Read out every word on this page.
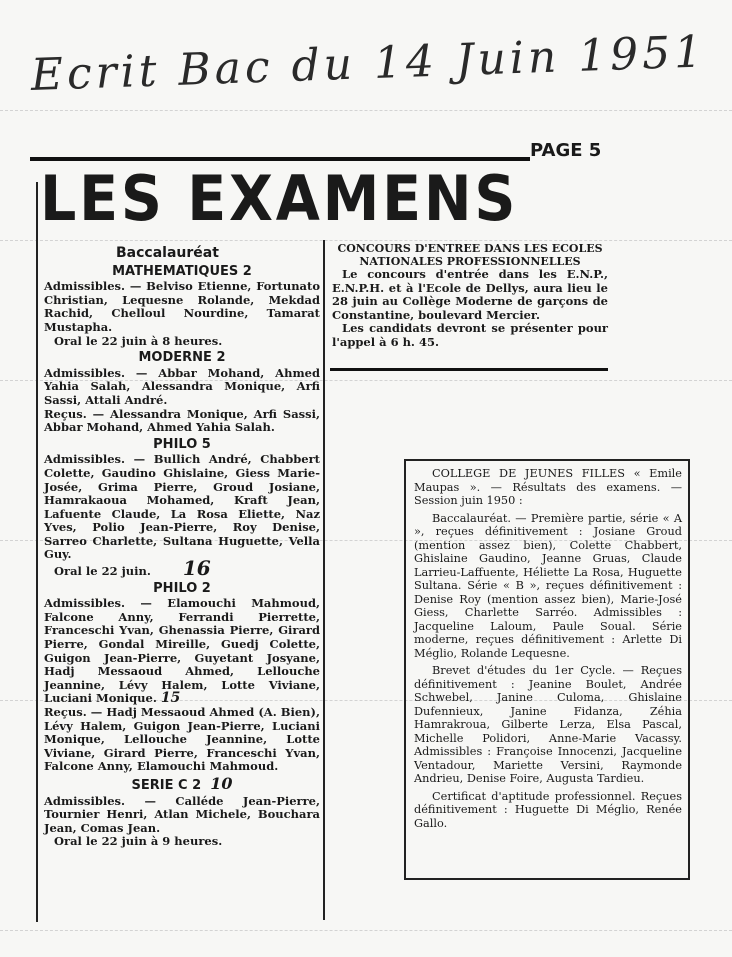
Ecrit Bac du 14 Juin 1951
PAGE 5
LES EXAMENS
Baccalauréat
MATHEMATIQUES 2

Admissibles. — Belviso Etienne, Fortunato Christian, Lequesne Rolande, Mekdad Rachid, Chelloul Nourdine, Tamarat Mustapha.

Oral le 22 juin à 8 heures.

MODERNE 2

Admissibles. — Abbar Mohand, Ahmed Yahia Salah, Alessandra Monique, Arfi Sassi, Attali André.

Reçus. — Alessandra Monique, Arfi Sassi, Abbar Mohand, Ahmed Yahia Salah.

PHILO 5

Admissibles. — Bullich André, Chabbert Colette, Gaudino Ghislaine, Giess Marie-Josée, Grima Pierre, Groud Josiane, Hamrakaoua Mohamed, Kraft Jean, Lafuente Claude, La Rosa Eliette, Naz Yves, Polio Jean-Pierre, Roy Denise, Sarreo Charlette, Sultana Huguette, Vella Guy.

Oral le 22 juin. 16

PHILO 2

Admissibles. — Elamouchi Mahmoud, Falcone Anny, Ferrandi Pierrette, Franceschi Yvan, Ghenassia Pierre, Girard Pierre, Gondal Mireille, Guedj Colette, Guigon Jean-Pierre, Guyetant Josyane, Hadj Messaoud Ahmed, Lellouche Jeannine, Lévy Halem, Lotte Viviane, Luciani Monique. 15

Reçus. — Hadj Messaoud Ahmed (A. Bien), Lévy Halem, Guigon Jean-Pierre, Luciani Monique, Lellouche Jeannine, Lotte Viviane, Girard Pierre, Franceschi Yvan, Falcone Anny, Elamouchi Mahmoud.

SERIE C 2 10

Admissibles. — Calléde Jean-Pierre, Tournier Henri, Atlan Michele, Bouchara Jean, Comas Jean.

Oral le 22 juin à 9 heures.

CONCOURS D'ENTREE DANS LES ECOLES NATIONALES PROFESSIONNELLES

Le concours d'entrée dans les E.N.P., E.N.P.H. et à l'Ecole de Dellys, aura lieu le 28 juin au Collège Moderne de garçons de Constantine, boulevard Mercier.

Les candidats devront se présenter pour l'appel à 6 h. 45.

COLLEGE DE JEUNES FILLES « Emile Maupas ». — Résultats des examens. — Session juin 1950 :

Baccalauréat. — Première partie, série « A », reçues définitivement : Josiane Groud (mention assez bien), Colette Chabbert, Ghislaine Gaudino, Jeanne Gruas, Claude Larrieu-Laffuente, Héliette La Rosa, Huguette Sultana. Série « B », reçues définitivement : Denise Roy (mention assez bien), Marie-José Giess, Charlette Sarréo. Admissibles : Jacqueline Laloum, Paule Soual. Série moderne, reçues définitivement : Arlette Di Méglio, Rolande Lequesne.

Brevet d'études du 1er Cycle. — Reçues définitivement : Jeanine Boulet, Andrée Schwebel, Janine Culoma, Ghislaine Dufennieux, Janine Fidanza, Zéhia Hamrakroua, Gilberte Lerza, Elsa Pascal, Michelle Polidori, Anne-Marie Vacassy. Admissibles : Françoise Innocenzi, Jacqueline Ventadour, Mariette Versini, Raymonde Andrieu, Denise Foire, Augusta Tardieu.

Certificat d'aptitude professionnel. Reçues définitivement : Huguette Di Méglio, Renée Gallo.
